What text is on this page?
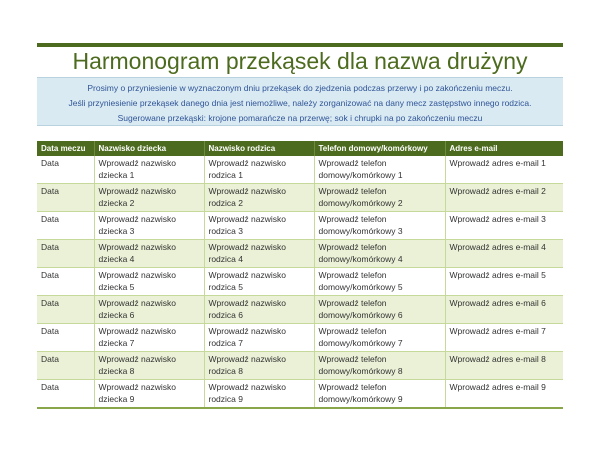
Harmonogram przekąsek dla nazwa drużyny
Prosimy o przyniesienie w wyznaczonym dniu przekąsek do zjedzenia podczas przerwy i po zakończeniu meczu.
Jeśli przyniesienie przekąsek danego dnia jest niemożliwe, należy zorganizować na dany mecz zastępstwo innego rodzica.
Sugerowane przekąski: krojone pomarańcze na przerwę; sok i chrupki na po zakończeniu meczu
Data meczu	Nazwisko dziecka	Nazwisko rodzica	Telefon domowy/komórkowy	Adres e-mail
Data	Wprowadź nazwisko dziecka 1	Wprowadź nazwisko rodzica 1	Wprowadź telefon domowy/komórkowy 1	Wprowadź adres e-mail 1
Data	Wprowadź nazwisko dziecka 2	Wprowadź nazwisko rodzica 2	Wprowadź telefon domowy/komórkowy 2	Wprowadź adres e-mail 2
Data	Wprowadź nazwisko dziecka 3	Wprowadź nazwisko rodzica 3	Wprowadź telefon domowy/komórkowy 3	Wprowadź adres e-mail 3
Data	Wprowadź nazwisko dziecka 4	Wprowadź nazwisko rodzica 4	Wprowadź telefon domowy/komórkowy 4	Wprowadź adres e-mail 4
Data	Wprowadź nazwisko dziecka 5	Wprowadź nazwisko rodzica 5	Wprowadź telefon domowy/komórkowy 5	Wprowadź adres e-mail 5
Data	Wprowadź nazwisko dziecka 6	Wprowadź nazwisko rodzica 6	Wprowadź telefon domowy/komórkowy 6	Wprowadź adres e-mail 6
Data	Wprowadź nazwisko dziecka 7	Wprowadź nazwisko rodzica 7	Wprowadź telefon domowy/komórkowy 7	Wprowadź adres e-mail 7
Data	Wprowadź nazwisko dziecka 8	Wprowadź nazwisko rodzica 8	Wprowadź telefon domowy/komórkowy 8	Wprowadź adres e-mail 8
Data	Wprowadź nazwisko dziecka 9	Wprowadź nazwisko rodzica 9	Wprowadź telefon domowy/komórkowy 9	Wprowadź adres e-mail 9
